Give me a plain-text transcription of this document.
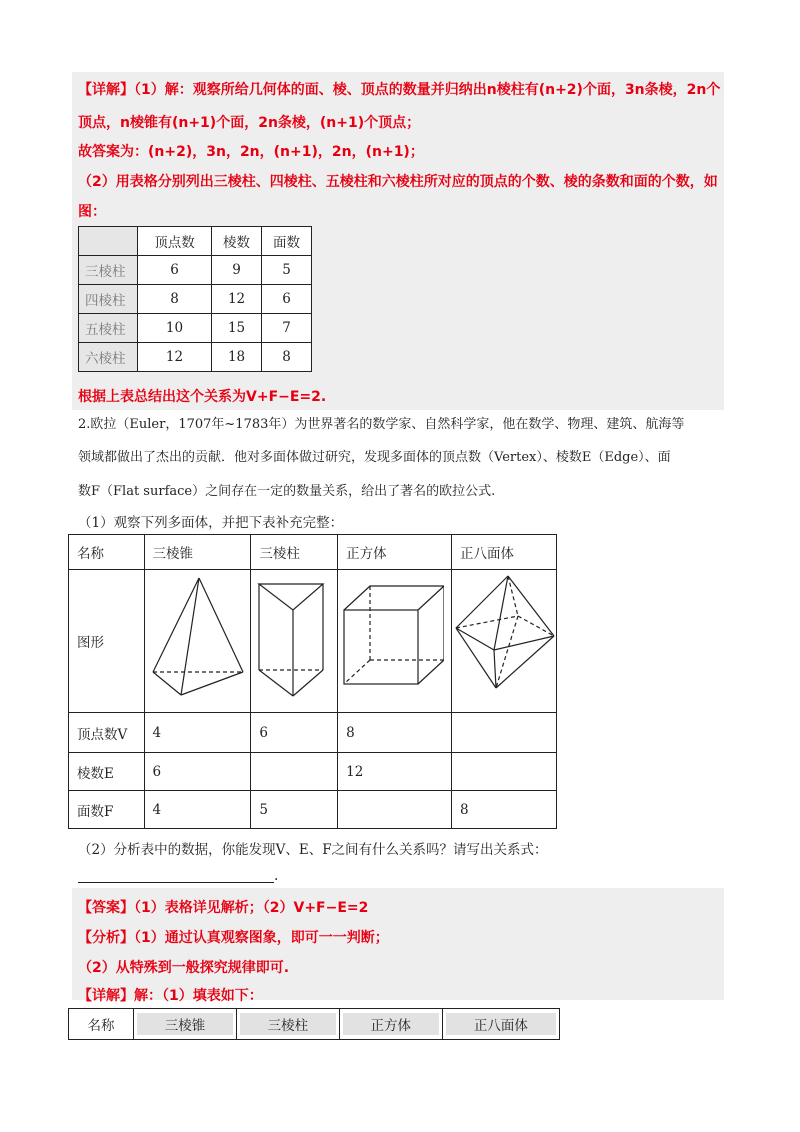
【详解】（1）解：观察所给几何体的面、棱、顶点的数量并归纳出n棱柱有(n+2)个面，3n条棱，2n个
顶点，n棱锥有(n+1)个面，2n条棱，(n+1)个顶点；
故答案为：(n+2)，3n，2n，(n+1)，2n，(n+1)；
（2）用表格分别列出三棱柱、四棱柱、五棱柱和六棱柱所对应的顶点的个数、棱的条数和面的个数，如
图：
	顶点数	棱数	面数
三棱柱	6	9	5
四棱柱	8	12	6
五棱柱	10	15	7
六棱柱	12	18	8
根据上表总结出这个关系为V+F−E=2.
2.欧拉（Euler，1707年~1783年）为世界著名的数学家、自然科学家，他在数学、物理、建筑、航海等
领域都做出了杰出的贡献．他对多面体做过研究，发现多面体的顶点数（Vertex）、棱数E（Edge）、面
数F（Flat surface）之间存在一定的数量关系，给出了著名的欧拉公式.
（1）观察下列多面体，并把下表补充完整：
名称	三棱锥	三棱柱	正方体	正八面体
图形				
顶点数V	4	6	8	
棱数E	6		12	
面数F	4	5		8
（2）分析表中的数据，你能发现V、E、F之间有什么关系吗？请写出关系式：
.
【答案】（1）表格详见解析；（2）V+F−E=2
【分析】（1）通过认真观察图象，即可一一判断；
（2）从特殊到一般探究规律即可.
【详解】解：（1）填表如下：
名称	三棱锥	三棱柱	正方体	正八面体
